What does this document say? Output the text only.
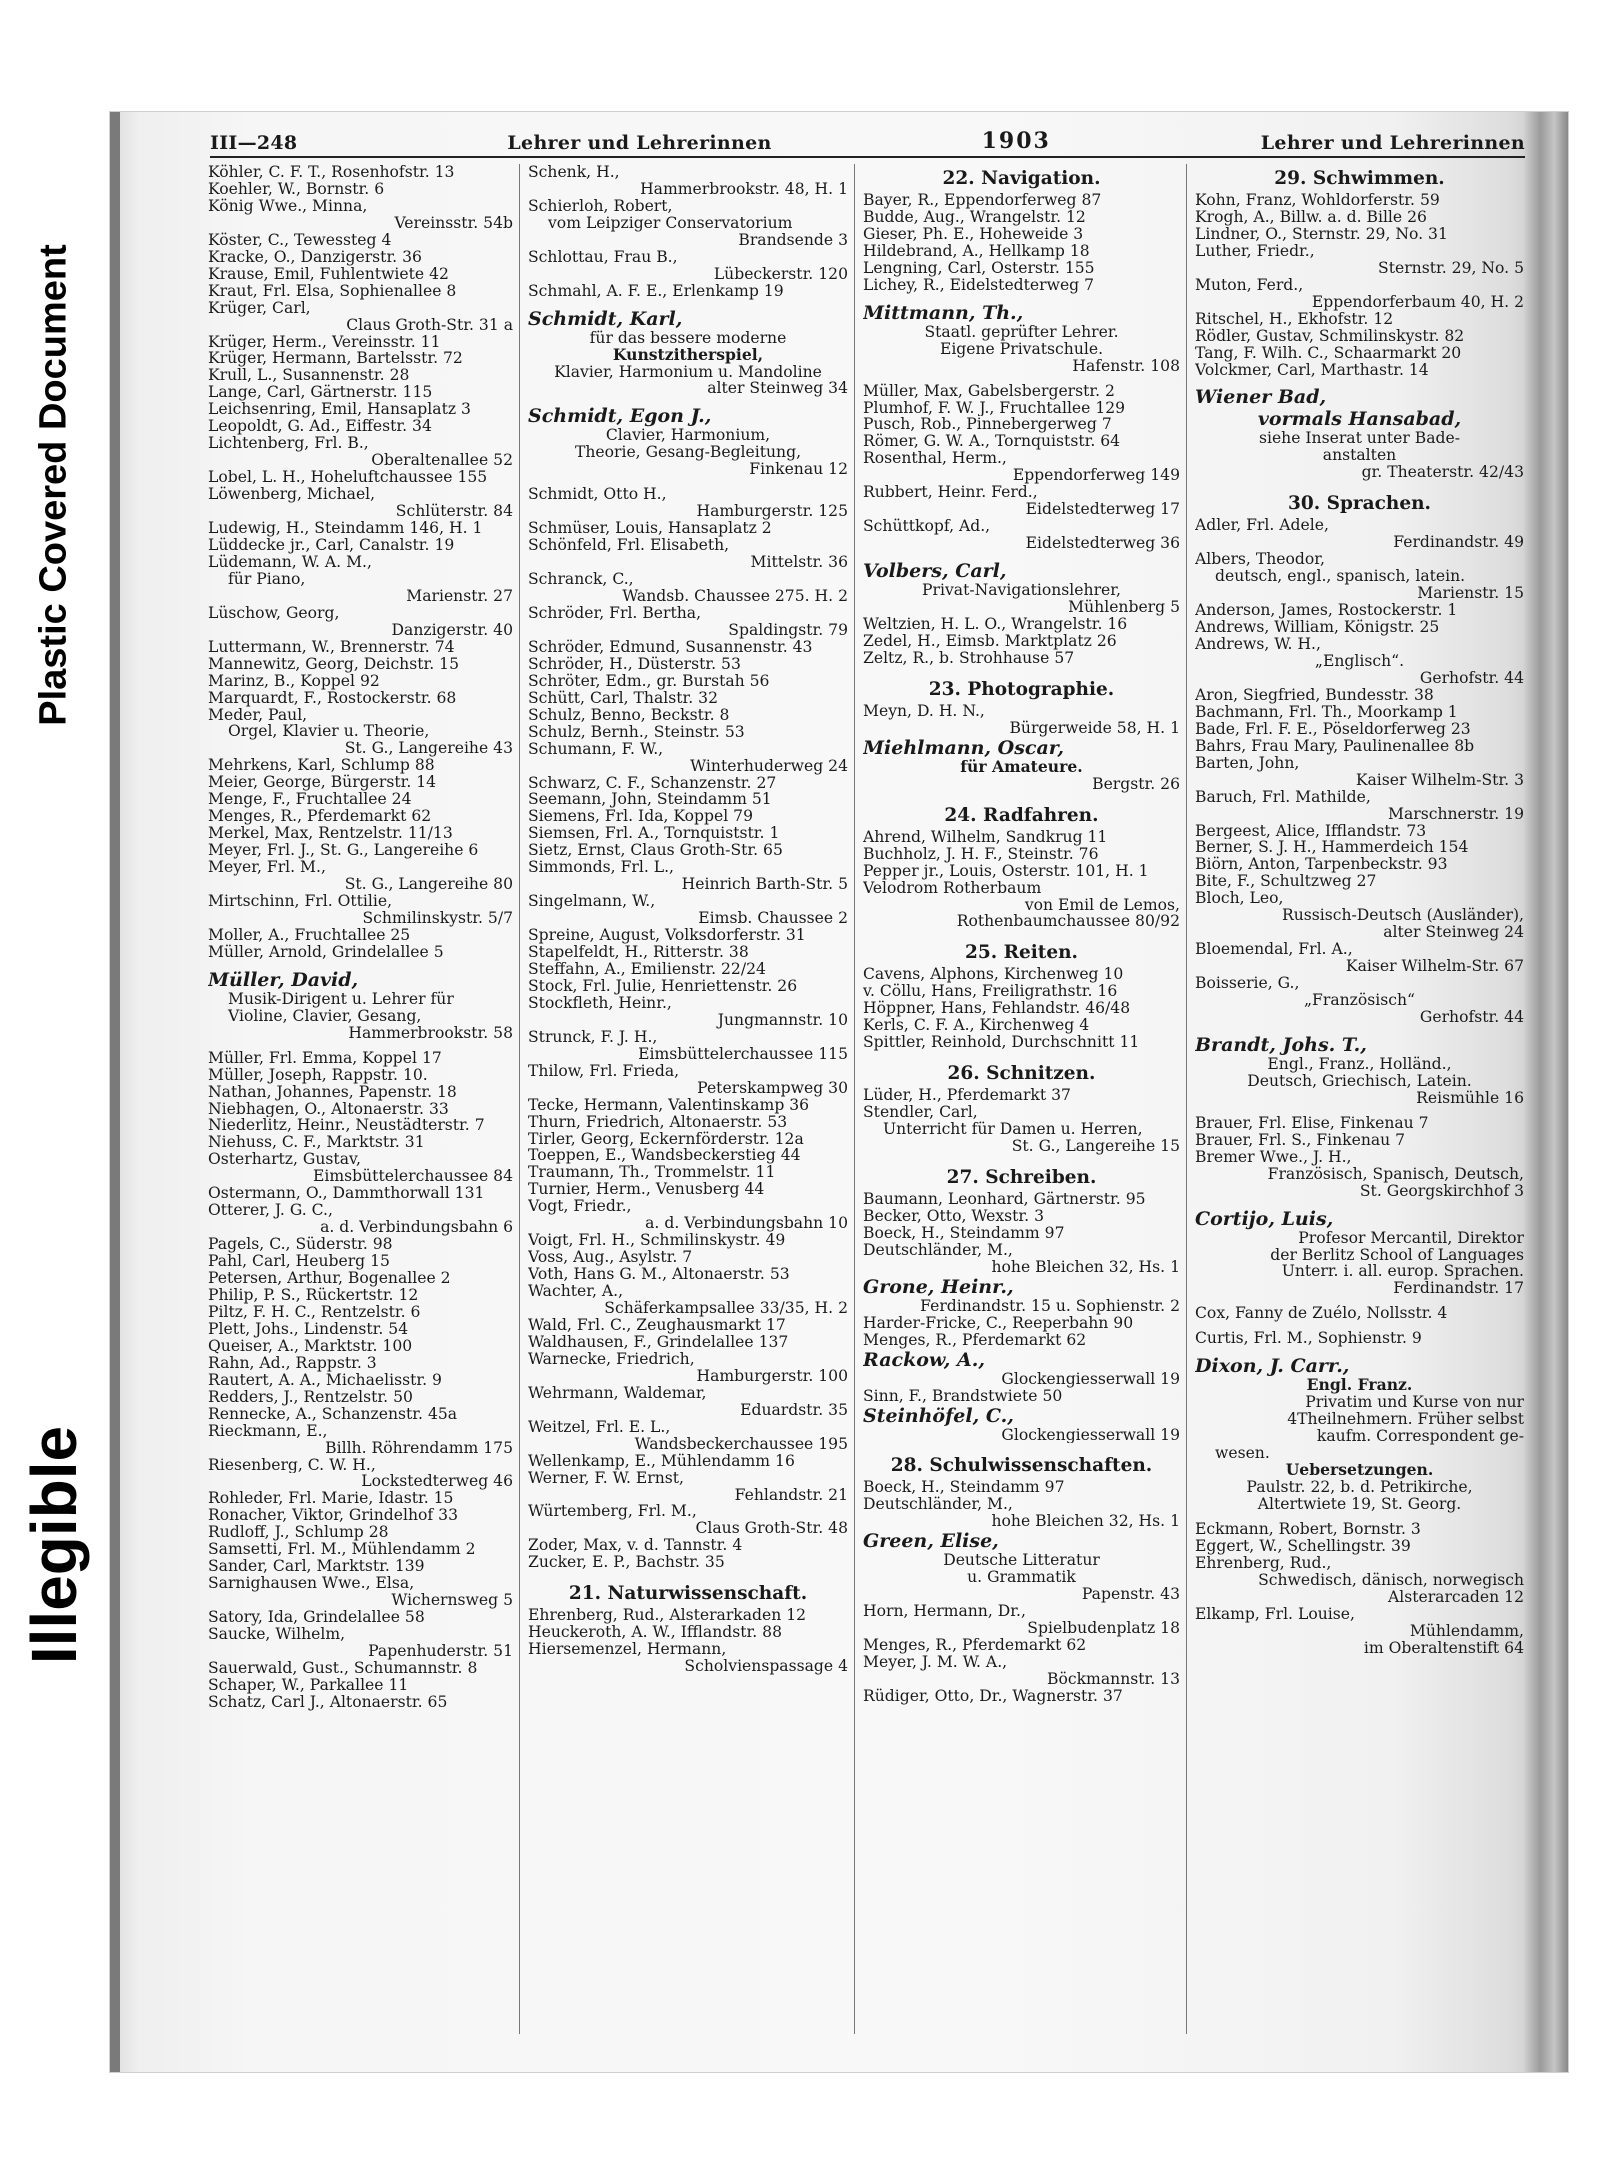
Plastic Covered Document
Illegible
III—248	Lehrer und Lehrerinnen	1903	Lehrer und Lehrerinnen
Köhler, C. F. T., Rosenhofstr. 13
Koehler, W., Bornstr. 6
König Wwe., Minna,
Vereinsstr. 54b
Köster, C., Tewessteg 4
Kracke, O., Danzigerstr. 36
Krause, Emil, Fuhlentwiete 42
Kraut, Frl. Elsa, Sophienallee 8
Krüger, Carl,
Claus Groth-Str. 31 a
Krüger, Herm., Vereinsstr. 11
Krüger, Hermann, Bartelsstr. 72
Krull, L., Susannenstr. 28
Lange, Carl, Gärtnerstr. 115
Leichsenring, Emil, Hansaplatz 3
Leopoldt, G. Ad., Eiffestr. 34
Lichtenberg, Frl. B.,
Oberaltenallee 52
Lobel, L. H., Hoheluftchaussee 155
Löwenberg, Michael,
Schlüterstr. 84
Ludewig, H., Steindamm 146, H. 1
Lüddecke jr., Carl, Canalstr. 19
Lüdemann, W. A. M.,
für Piano,
Marienstr. 27
Lüschow, Georg,
Danzigerstr. 40
Luttermann, W., Brennerstr. 74
Mannewitz, Georg, Deichstr. 15
Marinz, B., Koppel 92
Marquardt, F., Rostockerstr. 68
Meder, Paul,
Orgel, Klavier u. Theorie,
St. G., Langereihe 43
Mehrkens, Karl, Schlump 88
Meier, George, Bürgerstr. 14
Menge, F., Fruchtallee 24
Menges, R., Pferdemarkt 62
Merkel, Max, Rentzelstr. 11/13
Meyer, Frl. J., St. G., Langereihe 6
Meyer, Frl. M.,
St. G., Langereihe 80
Mirtschinn, Frl. Ottilie,
Schmilinskystr. 5/7
Moller, A., Fruchtallee 25
Müller, Arnold, Grindelallee 5
Müller, David,
Musik-Dirigent u. Lehrer für
Violine, Clavier, Gesang,
Hammerbrookstr. 58
Müller, Frl. Emma, Koppel 17
Müller, Joseph, Rappstr. 10.
Nathan, Johannes, Papenstr. 18
Niebhagen, O., Altonaerstr. 33
Niederlitz, Heinr., Neustädterstr. 7
Niehuss, C. F., Marktstr. 31
Osterhartz, Gustav,
Eimsbüttelerchaussee 84
Ostermann, O., Dammthorwall 131
Otterer, J. G. C.,
a. d. Verbindungsbahn 6
Pagels, C., Süderstr. 98
Pahl, Carl, Heuberg 15
Petersen, Arthur, Bogenallee 2
Philip, P. S., Rückertstr. 12
Piltz, F. H. C., Rentzelstr. 6
Plett, Johs., Lindenstr. 54
Queiser, A., Marktstr. 100
Rahn, Ad., Rappstr. 3
Rautert, A. A., Michaelisstr. 9
Redders, J., Rentzelstr. 50
Rennecke, A., Schanzenstr. 45a
Rieckmann, E.,
Billh. Röhrendamm 175
Riesenberg, C. W. H.,
Lockstedterweg 46
Rohleder, Frl. Marie, Idastr. 15
Ronacher, Viktor, Grindelhof 33
Rudloff, J., Schlump 28
Samsetti, Frl. M., Mühlendamm 2
Sander, Carl, Marktstr. 139
Sarnighausen Wwe., Elsa,
Wichernsweg 5
Satory, Ida, Grindelallee 58
Saucke, Wilhelm,
Papenhuderstr. 51
Sauerwald, Gust., Schumannstr. 8
Schaper, W., Parkallee 11
Schatz, Carl J., Altonaerstr. 65
Schenk, H.,
Hammerbrookstr. 48, H. 1
Schierloh, Robert,
vom Leipziger Conservatorium
Brandsende 3
Schlottau, Frau B.,
Lübeckerstr. 120
Schmahl, A. F. E., Erlenkamp 19
Schmidt, Karl,
für das bessere moderne
Kunstzitherspiel,
Klavier, Harmonium u. Mandoline
alter Steinweg 34
Schmidt, Egon J.,
Clavier, Harmonium,
Theorie, Gesang-Begleitung,
Finkenau 12
Schmidt, Otto H.,
Hamburgerstr. 125
Schmüser, Louis, Hansaplatz 2
Schönfeld, Frl. Elisabeth,
Mittelstr. 36
Schranck, C.,
Wandsb. Chaussee 275. H. 2
Schröder, Frl. Bertha,
Spaldingstr. 79
Schröder, Edmund, Susannenstr. 43
Schröder, H., Düsterstr. 53
Schröter, Edm., gr. Burstah 56
Schütt, Carl, Thalstr. 32
Schulz, Benno, Beckstr. 8
Schulz, Bernh., Steinstr. 53
Schumann, F. W.,
Winterhuderweg 24
Schwarz, C. F., Schanzenstr. 27
Seemann, John, Steindamm 51
Siemens, Frl. Ida, Koppel 79
Siemsen, Frl. A., Tornquiststr. 1
Sietz, Ernst, Claus Groth-Str. 65
Simmonds, Frl. L.,
Heinrich Barth-Str. 5
Singelmann, W.,
Eimsb. Chaussee 2
Spreine, August, Volksdorferstr. 31
Stapelfeldt, H., Ritterstr. 38
Steffahn, A., Emilienstr. 22/24
Stock, Frl. Julie, Henriettenstr. 26
Stockfleth, Heinr.,
Jungmannstr. 10
Strunck, F. J. H.,
Eimsbüttelerchaussee 115
Thilow, Frl. Frieda,
Peterskampweg 30
Tecke, Hermann, Valentinskamp 36
Thurn, Friedrich, Altonaerstr. 53
Tirler, Georg, Eckernförderstr. 12a
Toeppen, E., Wandsbeckerstieg 44
Traumann, Th., Trommelstr. 11
Turnier, Herm., Venusberg 44
Vogt, Friedr.,
a. d. Verbindungsbahn 10
Voigt, Frl. H., Schmilinskystr. 49
Voss, Aug., Asylstr. 7
Voth, Hans G. M., Altonaerstr. 53
Wachter, A.,
Schäferkampsallee 33/35, H. 2
Wald, Frl. C., Zeughausmarkt 17
Waldhausen, F., Grindelallee 137
Warnecke, Friedrich,
Hamburgerstr. 100
Wehrmann, Waldemar,
Eduardstr. 35
Weitzel, Frl. E. L.,
Wandsbeckerchaussee 195
Wellenkamp, E., Mühlendamm 16
Werner, F. W. Ernst,
Fehlandstr. 21
Würtemberg, Frl. M.,
Claus Groth-Str. 48
Zoder, Max, v. d. Tannstr. 4
Zucker, E. P., Bachstr. 35
21. Naturwissenschaft.
Ehrenberg, Rud., Alsterarkaden 12
Heuckeroth, A. W., Ifflandstr. 88
Hiersemenzel, Hermann,
Scholvienspassage 4
22. Navigation.
Bayer, R., Eppendorferweg 87
Budde, Aug., Wrangelstr. 12
Gieser, Ph. E., Hoheweide 3
Hildebrand, A., Hellkamp 18
Lengning, Carl, Osterstr. 155
Lichey, R., Eidelstedterweg 7
Mittmann, Th.,
Staatl. geprüfter Lehrer.
Eigene Privatschule.
Hafenstr. 108
Müller, Max, Gabelsbergerstr. 2
Plumhof, F. W. J., Fruchtallee 129
Pusch, Rob., Pinnebergerweg 7
Römer, G. W. A., Tornquiststr. 64
Rosenthal, Herm.,
Eppendorferweg 149
Rubbert, Heinr. Ferd.,
Eidelstedterweg 17
Schüttkopf, Ad.,
Eidelstedterweg 36
Volbers, Carl,
Privat-Navigationslehrer,
Mühlenberg 5
Weltzien, H. L. O., Wrangelstr. 16
Zedel, H., Eimsb. Marktplatz 26
Zeltz, R., b. Strohhause 57
23. Photographie.
Meyn, D. H. N.,
Bürgerweide 58, H. 1
Miehlmann, Oscar,
für Amateure.
Bergstr. 26
24. Radfahren.
Ahrend, Wilhelm, Sandkrug 11
Buchholz, J. H. F., Steinstr. 76
Pepper jr., Louis, Osterstr. 101, H. 1
Velodrom Rotherbaum
von Emil de Lemos,
Rothenbaumchaussee 80/92
25. Reiten.
Cavens, Alphons, Kirchenweg 10
v. Cöllu, Hans, Freiligrathstr. 16
Höppner, Hans, Fehlandstr. 46/48
Kerls, C. F. A., Kirchenweg 4
Spittler, Reinhold, Durchschnitt 11
26. Schnitzen.
Lüder, H., Pferdemarkt 37
Stendler, Carl,
Unterricht für Damen u. Herren,
St. G., Langereihe 15
27. Schreiben.
Baumann, Leonhard, Gärtnerstr. 95
Becker, Otto, Wexstr. 3
Boeck, H., Steindamm 97
Deutschländer, M.,
hohe Bleichen 32, Hs. 1
Grone, Heinr.,
Ferdinandstr. 15 u. Sophienstr. 2
Harder-Fricke, C., Reeperbahn 90
Menges, R., Pferdemarkt 62
Rackow, A.,
Glockengiesserwall 19
Sinn, F., Brandstwiete 50
Steinhöfel, C.,
Glockengiesserwall 19
28. Schulwissenschaften.
Boeck, H., Steindamm 97
Deutschländer, M.,
hohe Bleichen 32, Hs. 1
Green, Elise,
Deutsche Litteratur
u. Grammatik
Papenstr. 43
Horn, Hermann, Dr.,
Spielbudenplatz 18
Menges, R., Pferdemarkt 62
Meyer, J. M. W. A.,
Böckmannstr. 13
Rüdiger, Otto, Dr., Wagnerstr. 37
29. Schwimmen.
Kohn, Franz, Wohldorferstr. 59
Krogh, A., Billw. a. d. Bille 26
Lindner, O., Sternstr. 29, No. 31
Luther, Friedr.,
Sternstr. 29, No. 5
Muton, Ferd.,
Eppendorferbaum 40, H. 2
Ritschel, H., Ekhofstr. 12
Rödler, Gustav, Schmilinskystr. 82
Tang, F. Wilh. C., Schaarmarkt 20
Volckmer, Carl, Marthastr. 14
Wiener Bad,
vormals Hansabad,
siehe Inserat unter Bade-
anstalten
gr. Theaterstr. 42/43
30. Sprachen.
Adler, Frl. Adele,
Ferdinandstr. 49
Albers, Theodor,
deutsch, engl., spanisch, latein.
Marienstr. 15
Anderson, James, Rostockerstr. 1
Andrews, William, Königstr. 25
Andrews, W. H.,
„Englisch“.
Gerhofstr. 44
Aron, Siegfried, Bundesstr. 38
Bachmann, Frl. Th., Moorkamp 1
Bade, Frl. F. E., Pöseldorferweg 23
Bahrs, Frau Mary, Paulinenallee 8b
Barten, John,
Kaiser Wilhelm-Str. 3
Baruch, Frl. Mathilde,
Marschnerstr. 19
Bergeest, Alice, Ifflandstr. 73
Berner, S. J. H., Hammerdeich 154
Biörn, Anton, Tarpenbeckstr. 93
Bite, F., Schultzweg 27
Bloch, Leo,
Russisch-Deutsch (Ausländer),
alter Steinweg 24
Bloemendal, Frl. A.,
Kaiser Wilhelm-Str. 67
Boisserie, G.,
„Französisch“
Gerhofstr. 44
Brandt, Johs. T.,
Engl., Franz., Holländ.,
Deutsch, Griechisch, Latein.
Reismühle 16
Brauer, Frl. Elise, Finkenau 7
Brauer, Frl. S., Finkenau 7
Bremer Wwe., J. H.,
Französisch, Spanisch, Deutsch,
St. Georgskirchhof 3
Cortijo, Luis,
Profesor Mercantil, Direktor
der Berlitz School of Languages
Unterr. i. all. europ. Sprachen.
Ferdinandstr. 17
Cox, Fanny de Zuélo, Nollsstr. 4
Curtis, Frl. M., Sophienstr. 9
Dixon, J. Carr.,
Engl. Franz.
Privatim und Kurse von nur
4Theilnehmern. Früher selbst
kaufm. Correspondent ge-
wesen.
Uebersetzungen.
Paulstr. 22, b. d. Petrikirche,
Altertwiete 19, St. Georg.
Eckmann, Robert, Bornstr. 3
Eggert, W., Schellingstr. 39
Ehrenberg, Rud.,
Schwedisch, dänisch, norwegisch
Alsterarcaden 12
Elkamp, Frl. Louise,
Mühlendamm,
im Oberaltenstift 64
